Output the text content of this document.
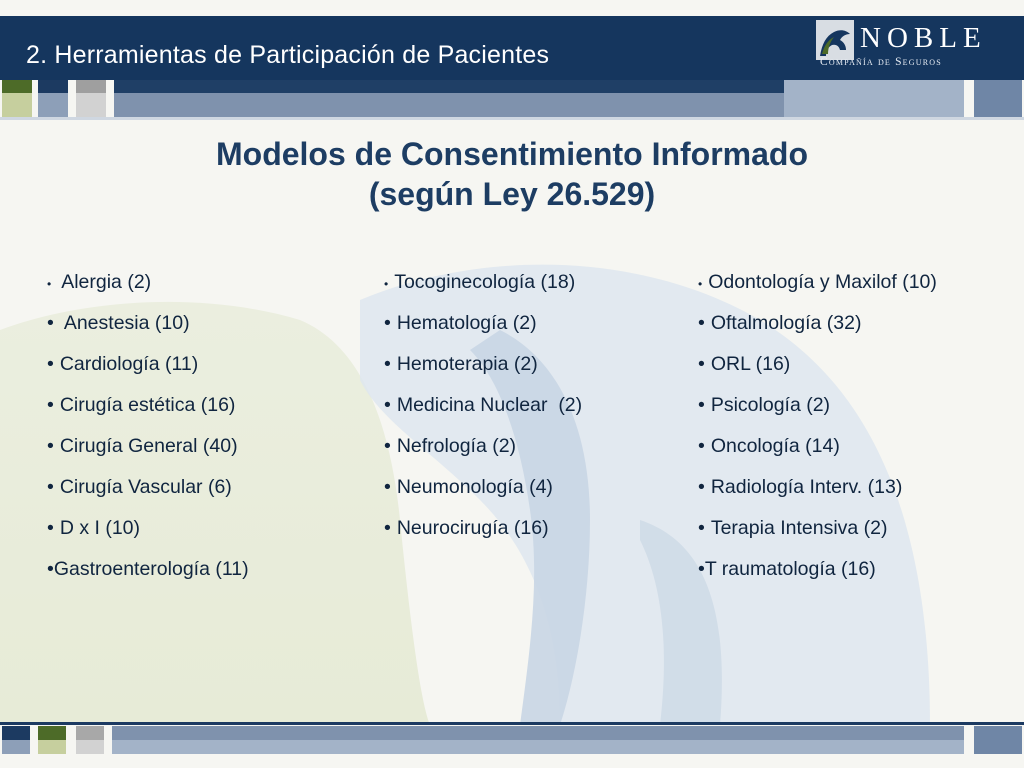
2. Herramientas de Participación de Pacientes
NOBLE
Compañía de Seguros
Modelos de Consentimiento Informado
(según Ley 26.529)
• Alergia (2)
• Anestesia (10)
• Cardiología (11)
• Cirugía estética (16)
• Cirugía General (40)
• Cirugía Vascular (6)
• D x I (10)
•Gastroenterología (11)
• Tocoginecología (18)
• Hematología (2)
• Hemoterapia (2)
• Medicina Nuclear  (2)
• Nefrología (2)
• Neumonología (4)
• Neurocirugía (16)
• Odontología y Maxilof (10)
• Oftalmología (32)
• ORL (16)
• Psicología (2)
• Oncología (14)
• Radiología Interv. (13)
• Terapia Intensiva (2)
•T raumatología (16)
